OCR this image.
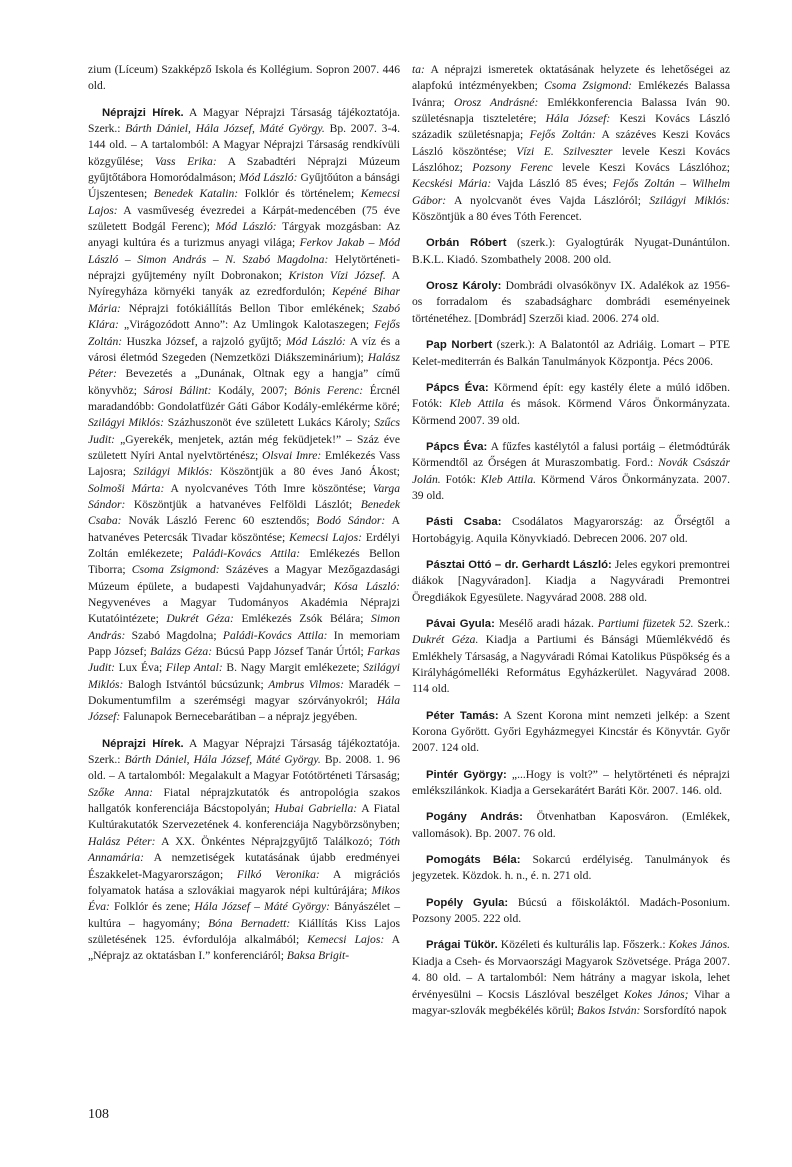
zium (Líceum) Szakképző Iskola és Kollégium. Sopron 2007. 446 old.

Néprajzi Hírek. A Magyar Néprajzi Társaság tájékoztatója. Szerk.: Bárth Dániel, Hála József, Máté György. Bp. 2007. 3-4. 144 old. – A tartalomból: A Magyar Néprajzi Társaság rendkívüli közgyűlése; Vass Erika: A Szabadtéri Néprajzi Múzeum gyűjtőtábora Homoródalmáson; Mód László: Gyűjtőúton a bánsági Újszentesen; Benedek Katalin: Folklór és történelem; Kemecsi Lajos: A vasműveség évezredei a Kárpát-medencében (75 éve született Bodgál Ferenc); Mód László: Tárgyak mozgásban: Az anyagi kultúra és a turizmus anyagi világa; Ferkov Jakab – Mód László – Simon András – N. Szabó Magdolna: Helytörténeti-néprajzi gyűjtemény nyílt Dobronakon; Kriston Vízi József. A Nyíregyháza környéki tanyák az ezredfordulón; Kepéné Bihar Mária: Néprajzi fotókiállítás Bellon Tibor emlékének; Szabó Klára: „Virágozódott Anno”: Az Umlingok Kalotaszegen; Fejős Zoltán: Huszka József, a rajzoló gyűjtő; Mód László: A víz és a városi életmód Szegeden (Nemzetközi Diákszeminárium); Halász Péter: Bevezetés a „Dunának, Oltnak egy a hangja” című könyvhöz; Sárosi Bálint: Kodály, 2007; Bónis Ferenc: Ércnél maradandóbb: Gondolatfüzér Gáti Gábor Kodály-emlékérme köré; Szilágyi Miklós: Százhuszonöt éve született Lukács Károly; Szűcs Judit: „Gyerekék, menjetek, aztán még feküdjetek!” – Száz éve született Nyíri Antal nyelvtörténész; Olsvai Imre: Emlékezés Vass Lajosra; Szilágyi Miklós: Köszöntjük a 80 éves Janó Ákost; Solmoši Márta: A nyolcvanéves Tóth Imre köszöntése; Varga Sándor: Köszöntjük a hatvanéves Felföldi Lászlót; Benedek Csaba: Novák László Ferenc 60 esztendős; Bodó Sándor: A hatvanéves Petercsák Tivadar köszöntése; Kemecsi Lajos: Erdélyi Zoltán emlékezete; Paládi-Kovács Attila: Emlékezés Bellon Tiborra; Csoma Zsigmond: Százéves a Magyar Mezőgazdasági Múzeum épülete, a budapesti Vajdahunyadvár; Kósa László: Negyvenéves a Magyar Tudományos Akadémia Néprajzi Kutatóintézete; Dukrét Géza: Emlékezés Zsók Bélára; Simon András: Szabó Magdolna; Paládi-Kovács Attila: In memoriam Papp József; Balázs Géza: Búcsú Papp József Tanár Úrtól; Farkas Judit: Lux Éva; Filep Antal: B. Nagy Margit emlékezete; Szilágyi Miklós: Balogh Istvántól búcsúzunk; Ambrus Vilmos: Maradék – Dokumentumfilm a szerémségi magyar szórványokról; Hála József: Falunapok Bernecebarátiban – a néprajz jegyében.

Néprajzi Hírek. A Magyar Néprajzi Társaság tájékoztatója. Szerk.: Bárth Dániel, Hála József, Máté György. Bp. 2008. 1. 96 old. – A tartalomból: Megalakult a Magyar Fotótörténeti Társaság; Szőke Anna: Fiatal néprajzkutatók és antropológia szakos hallgatók konferenciája Bácstopolyán; Hubai Gabriella: A Fiatal Kultúrakutatók Szervezetének 4. konferenciája Nagybörzsönyben; Halász Péter: A XX. Önkéntes Néprajzgyűjtő Találkozó; Tóth Annamária: A nemzetiségek kutatásának újabb eredményei Északkelet-Magyarországon; Filkó Veronika: A migrációs folyamatok hatása a szlovákiai magyarok népi kultúrájára; Mikos Éva: Folklór és zene; Hála József – Máté György: Bányászélet – kultúra – hagyomány; Bóna Bernadett: Kiállítás Kiss Lajos születésének 125. évfordulója alkalmából; Kemecsi Lajos: A „Néprajz az oktatásban I.” konferenciáról; Baksa Brigit-

ta: A néprajzi ismeretek oktatásának helyzete és lehetőségei az alapfokú intézményekben; Csoma Zsigmond: Emlékezés Balassa Ivánra; Orosz Andrásné: Emlékkonferencia Balassa Iván 90. születésnapja tiszteletére; Hála József: Keszi Kovács László századik születésnapja; Fejős Zoltán: A százéves Keszi Kovács László köszöntése; Vízi E. Szilveszter levele Keszi Kovács Lászlóhoz; Pozsony Ferenc levele Keszi Kovács Lászlóhoz; Kecskési Mária: Vajda László 85 éves; Fejős Zoltán – Wilhelm Gábor: A nyolcvanöt éves Vajda Lászlóról; Szilágyi Miklós: Köszöntjük a 80 éves Tóth Ferencet.

Orbán Róbert (szerk.): Gyalogtúrák Nyugat-Dunántúlon. B.K.L. Kiadó. Szombathely 2008. 200 old.

Orosz Károly: Dombrádi olvasókönyv IX. Adalékok az 1956-os forradalom és szabadságharc dombrádi eseményeinek történetéhez. [Dombrád] Szerzői kiad. 2006. 274 old.

Pap Norbert (szerk.): A Balatontól az Adriáig. Lomart – PTE Kelet-mediterrán és Balkán Tanulmányok Központja. Pécs 2006.

Pápcs Éva: Körmend épít: egy kastély élete a múló időben. Fotók: Kleb Attila és mások. Körmend Város Önkormányzata. Körmend 2007. 39 old.

Pápcs Éva: A fűzfes kastélytól a falusi portáig – életmódtúrák Körmendtől az Őrségen át Muraszombatig. Ford.: Novák Császár Jolán. Fotók: Kleb Attila. Körmend Város Önkormányzata. 2007. 39 old.

Pásti Csaba: Csodálatos Magyarország: az Őrségtől a Hortobágyig. Aquila Könyvkiadó. Debrecen 2006. 207 old.

Pásztai Ottó – dr. Gerhardt László: Jeles egykori premontrei diákok [Nagyváradon]. Kiadja a Nagyváradi Premontrei Öregdiákok Egyesülete. Nagyvárad 2008. 288 old.

Pávai Gyula: Mesélő aradi házak. Partiumi füzetek 52. Szerk.: Dukrét Géza. Kiadja a Partiumi és Bánsági Műemlékvédő és Emlékhely Társaság, a Nagyváradi Római Katolikus Püspökség és a Királyhágómelléki Református Egyházkerület. Nagyvárad 2008. 114 old.

Péter Tamás: A Szent Korona mint nemzeti jelkép: a Szent Korona Győrött. Győri Egyházmegyei Kincstár és Könyvtár. Győr 2007. 124 old.

Pintér György: „...Hogy is volt?” – helytörténeti és néprajzi emlékszilánkok. Kiadja a Gersekarátért Baráti Kör. 2007. 146. old.

Pogány András: Ötvenhatban Kaposváron. (Emlékek, vallomások). Bp. 2007. 76 old.

Pomogáts Béla: Sokarcú erdélyiség. Tanulmányok és jegyzetek. Közdok. h. n., é. n. 271 old.

Popély Gyula: Búcsú a főiskoláktól. Madách-Posonium. Pozsony 2005. 222 old.

Prágai Tükör. Közéleti és kulturális lap. Főszerk.: Kokes János. Kiadja a Cseh- és Morvaországi Magyarok Szövetsége. Prága 2007. 4. 80 old. – A tartalomból: Nem hátrány a magyar iskola, lehet érvényesülni – Kocsis Lászlóval beszélget Kokes János; Vihar a magyar-szlovák megbékélés körül; Bakos István: Sorsfordító napok

108
